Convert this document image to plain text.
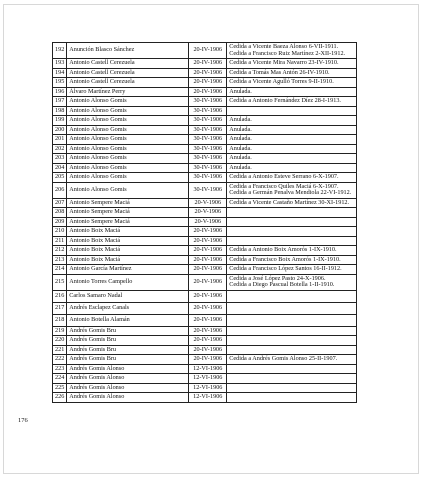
192	Anunción Blasco Sánchez	20-IV-1906	Cedida a Vicente Baeza Alonso 6-VII-1911.
Cedida a Francisco Ruiz Martínez 2-XII-1912.

193	Antonio Castell Cerezuela	20-IV-1906	Cedida a Vicente Mira Navarro 23-IV-1910.

194	Antonio Castell Cerezuela	20-IV-1906	Cedida a Tomás Mas Antón 26-IV-1910.

195	Antonio Castell Cerezuela	20-IV-1906	Cedida a Vicente Agulló Torres 9-II-1910.

196	Álvaro Martínez Perry	20-IV-1906	Anulada.

197	Antonio Alonso Gomis	30-IV-1906	Cedida a Antonio Fernández Díez 28-I-1913.

198	Antonio Alonso Gomis	30-IV-1906	
199	Antonio Alonso Gomis	30-IV-1906	Anulada.

200	Antonio Alonso Gomis	30-IV-1906	Anulada.

201	Antonio Alonso Gomis	30-IV-1906	Anulada.

202	Antonio Alonso Gomis	30-IV-1906	Anulada.

203	Antonio Alonso Gomis	30-IV-1906	Anulada.

204	Antonio Alonso Gomis	30-IV-1906	Anulada.

205	Antonio Alonso Gomis	30-IV-1906	Cedida a Antonio Esteve Serrano 6-X-1907.

206	Antonio Alonso Gomis	30-IV-1906	Cedida a Francisco Quiles Maciá 6-X-1907.
Cedida a Germán Penalva Mendiola 22-VI-1912.

207	Antonio Sempere Maciá	20-V-1906	Cedida a Vicente Castaño Martínez 30-XI-1912.

208	Antonio Sempere Maciá	20-V-1906	
209	Antonio Sempere Maciá	20-V-1906	
210	Antonio Boix Maciá	20-IV-1906	
211	Antonio Boix Maciá	20-IV-1906	
212	Antonio Boix Maciá	20-IV-1906	Cedida a Antonio Boix Amorós 1-IX-1910.

213	Antonio Boix Maciá	20-IV-1906	Cedida a Francisco Boix Amorós 1-IX-1910.

214	Antonio García Martínez	20-IV-1906	Cedida a Francisco López Santos 16-II-1912.

215	Antonio Torres Campello	20-IV-1906	Cedida a José López Pasto 24-X-1906.
Cedida a Diego Pascual Botella 1-II-1910.

216	Carlos Samaro Nadal	20-IV-1906	
217	Andrés Esclapez Canals	20-IV-1906	
218	Antonio Botella Alamán	20-IV-1906	
219	Andrés Gomis Bru	20-IV-1906	
220	Andrés Gomis Bru	20-IV-1906	
221	Andrés Gomis Bru	20-IV-1906	
222	Andrés Gomis Bru	20-IV-1906	Cedida a Andrés Gomis Alonso 25-II-1907.

223	Andrés Gomis Alonso	12-VI-1906	
224	Andrés Gomis Alonso	12-VI-1906	
225	Andrés Gomis Alonso	12-VI-1906	
226	Andrés Gomis Alonso	12-VI-1906	
176
